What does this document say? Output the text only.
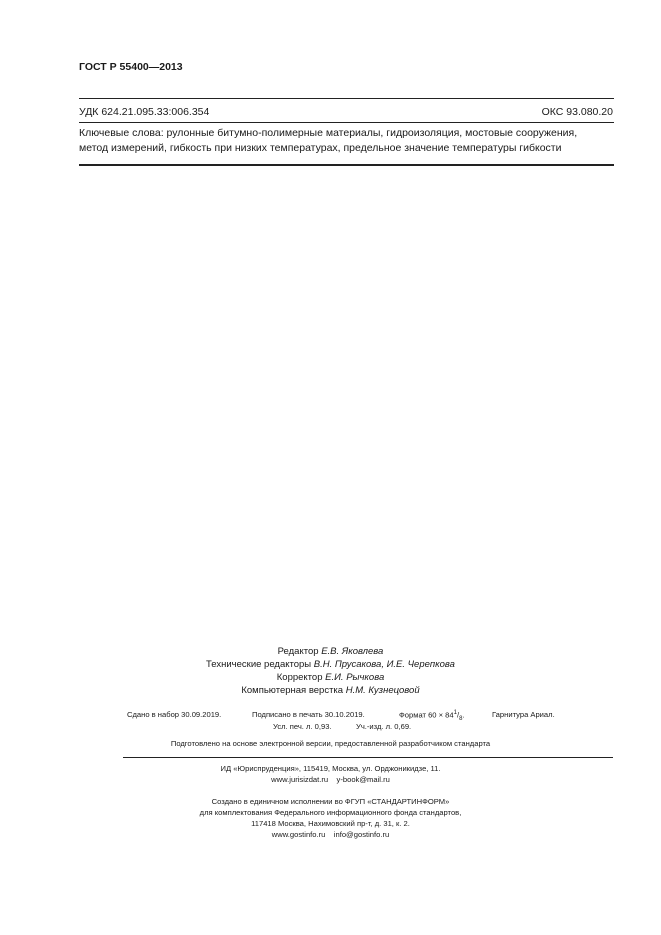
ГОСТ Р 55400—2013
УДК 624.21.095.33:006.354	ОКС 93.080.20
Ключевые слова: рулонные битумно-полимерные материалы, гидроизоляция, мостовые сооружения,
метод измерений, гибкость при низких температурах, предельное значение температуры гибкости
Редактор Е.В. Яковлева
Технические редакторы В.Н. Прусакова, И.Е. Черепкова
Корректор Е.И. Рычкова
Компьютерная верстка Н.М. Кузнецовой
Сдано в набор 30.09.2019.	Подписано в печать 30.10.2019.	Формат $60 \times 84^1/_8$.	Гарнитура Ариал.
Усл. печ. л. 0,93.	Уч.-изд. л. 0,69.
Подготовлено на основе электронной версии, предоставленной разработчиком стандарта
ИД «Юриспруденция», 115419, Москва, ул. Орджоникидзе, 11.
www.jurisizdat.ru    y-book@mail.ru
Создано в единичном исполнении во ФГУП «СТАНДАРТИНФОРМ»
для комплектования Федерального информационного фонда стандартов,
117418 Москва, Нахимовский пр-т, д. 31, к. 2.
www.gostinfo.ru    info@gostinfo.ru
